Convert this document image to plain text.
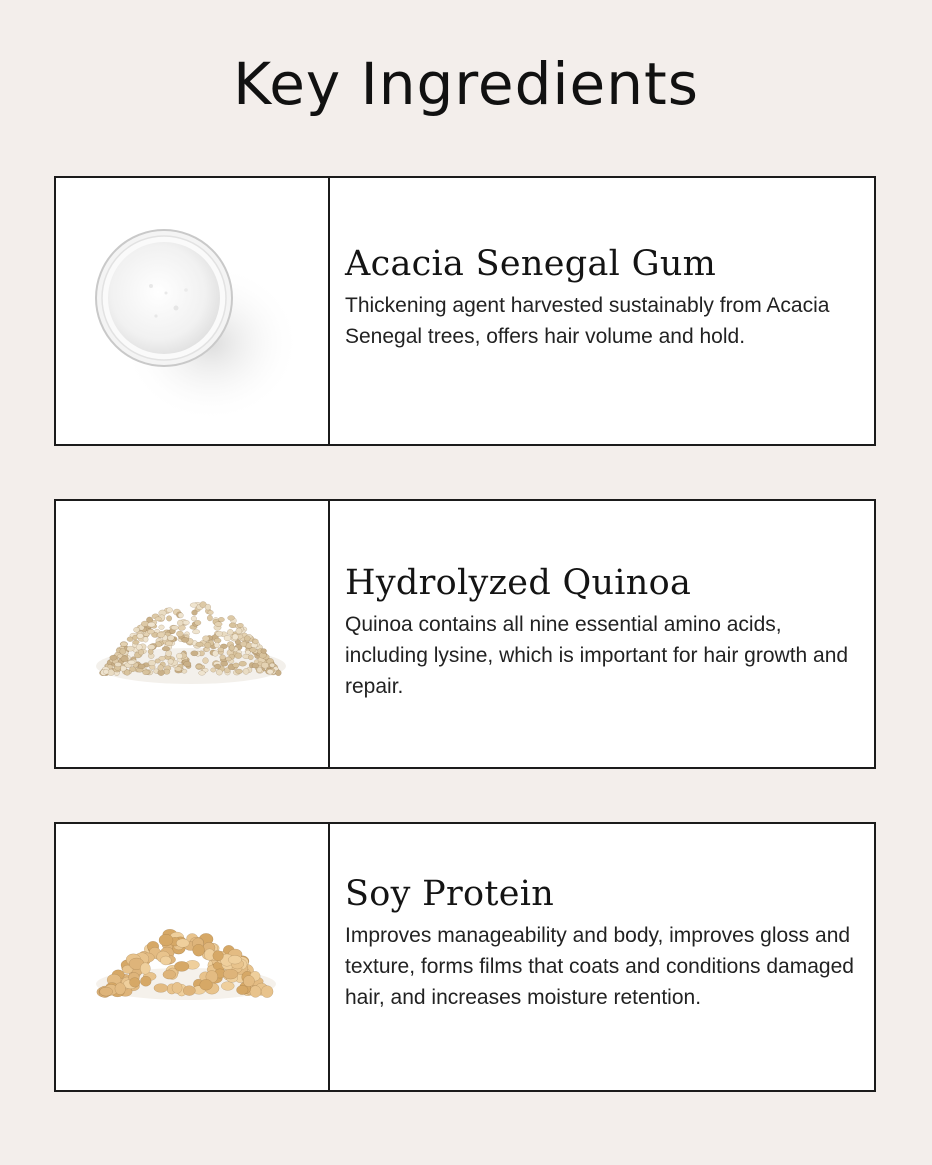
Key Ingredients
Acacia Senegal Gum

Thickening agent harvested sustainably from Acacia Senegal trees, offers hair volume and hold.

Hydrolyzed Quinoa

Quinoa contains all nine essential amino acids, including lysine, which is important for hair growth and repair.

Soy Protein

Improves manageability and body, improves gloss and texture, forms films that coats and conditions damaged hair, and increases moisture retention.
